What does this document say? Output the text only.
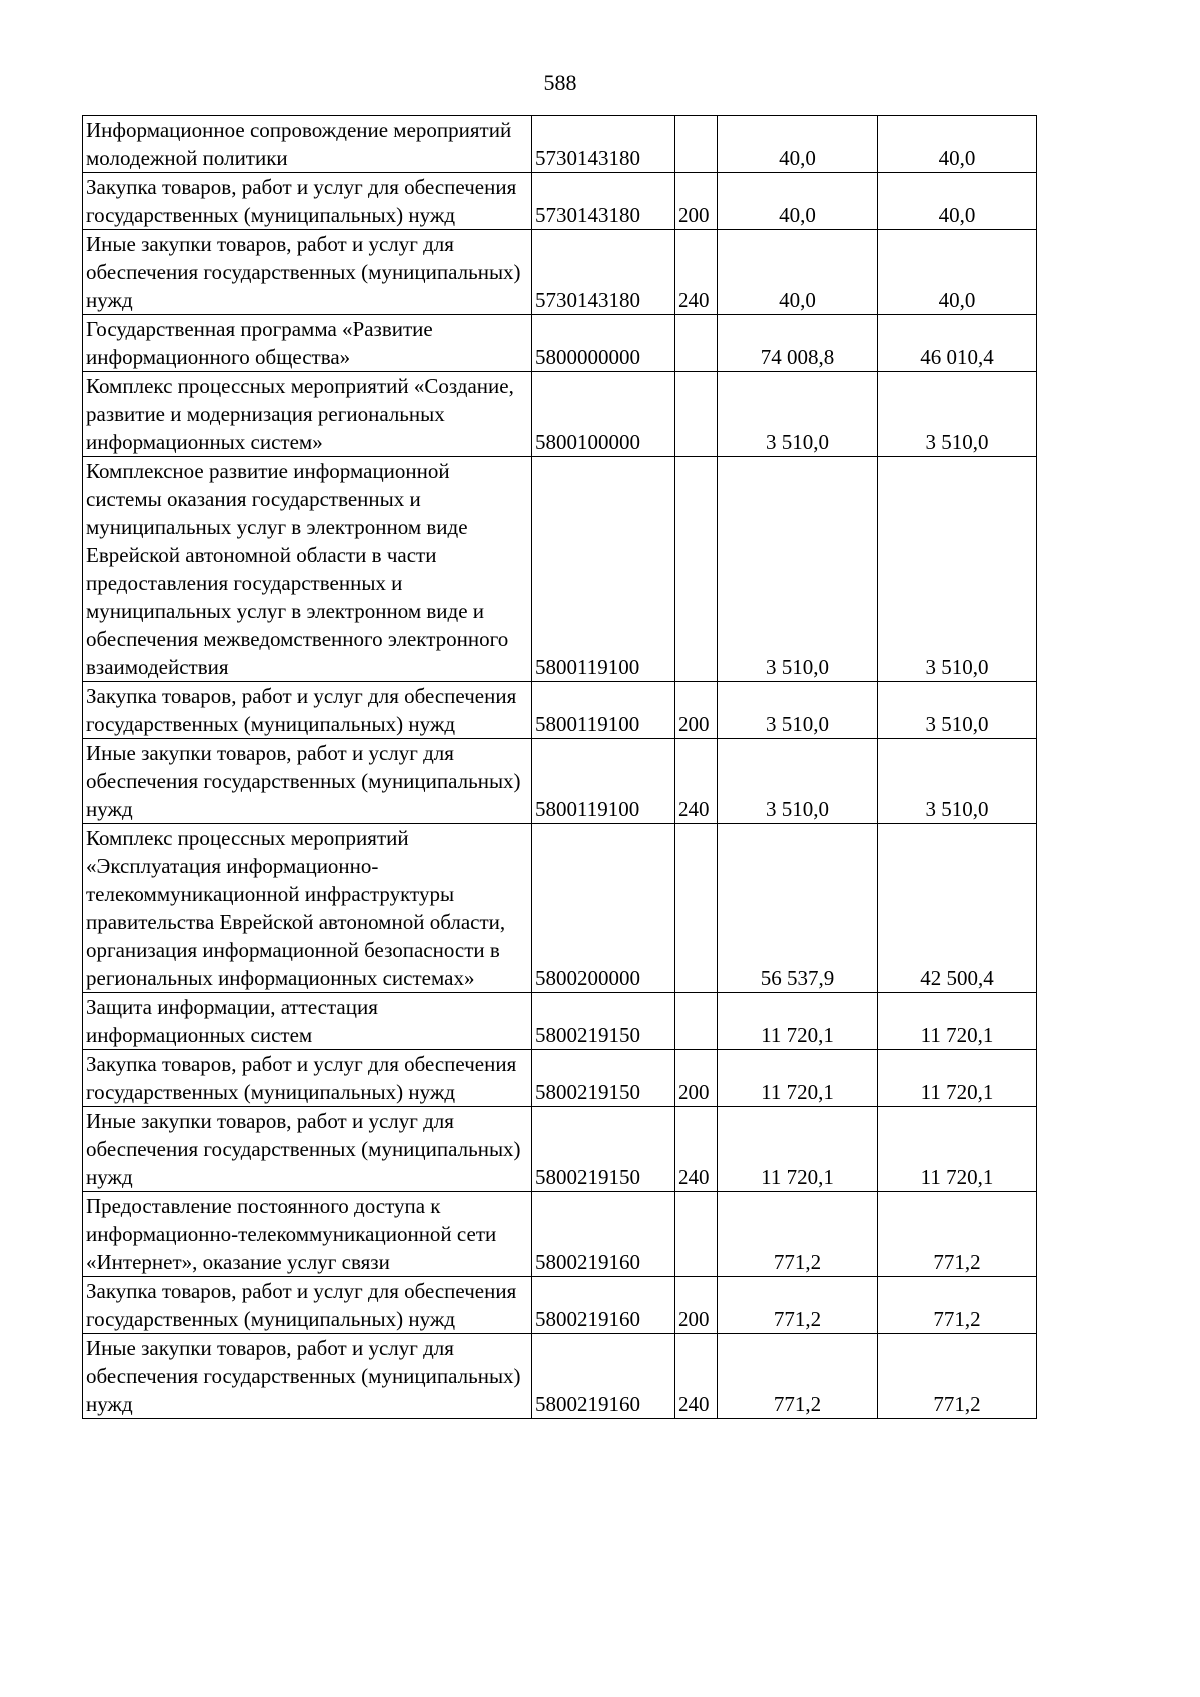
588
Информационное сопровождение мероприятий молодежной политики	5730143180		40,0	40,0
Закупка товаров, работ и услуг для обеспечения государственных (муниципальных) нужд	5730143180	200	40,0	40,0
Иные закупки товаров, работ и услуг для обеспечения государственных (муниципальных) нужд	5730143180	240	40,0	40,0
Государственная программа «Развитие информационного общества»	5800000000		74 008,8	46 010,4
Комплекс процессных мероприятий «Создание, развитие и модернизация региональных информационных систем»	5800100000		3 510,0	3 510,0
Комплексное развитие информационной системы оказания государственных и муниципальных услуг в электронном виде Еврейской автономной области в части предоставления государственных и муниципальных услуг в электронном виде и обеспечения межведомственного электронного взаимодействия	5800119100		3 510,0	3 510,0
Закупка товаров, работ и услуг для обеспечения государственных (муниципальных) нужд	5800119100	200	3 510,0	3 510,0
Иные закупки товаров, работ и услуг для обеспечения государственных (муниципальных) нужд	5800119100	240	3 510,0	3 510,0
Комплекс процессных мероприятий «Эксплуатация информационно-телекоммуникационной инфраструктуры правительства Еврейской автономной области, организация информационной безопасности в региональных информационных системах»	5800200000		56 537,9	42 500,4
Защита информации, аттестация информационных систем	5800219150		11 720,1	11 720,1
Закупка товаров, работ и услуг для обеспечения государственных (муниципальных) нужд	5800219150	200	11 720,1	11 720,1
Иные закупки товаров, работ и услуг для обеспечения государственных (муниципальных) нужд	5800219150	240	11 720,1	11 720,1
Предоставление постоянного доступа к информационно-телекоммуникационной сети «Интернет», оказание услуг связи	5800219160		771,2	771,2
Закупка товаров, работ и услуг для обеспечения государственных (муниципальных) нужд	5800219160	200	771,2	771,2
Иные закупки товаров, работ и услуг для обеспечения государственных (муниципальных) нужд	5800219160	240	771,2	771,2
